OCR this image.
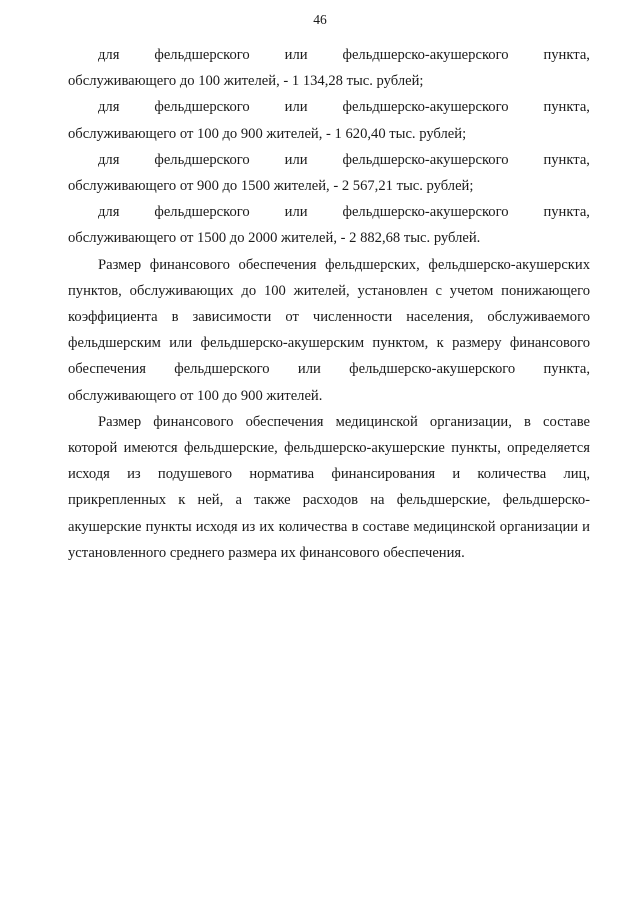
46
для фельдшерского или фельдшерско-акушерского пункта,

обслуживающего до 100 жителей, - 1 134,28 тыс. рублей;

для фельдшерского или фельдшерско-акушерского пункта,

обслуживающего от 100 до 900 жителей, - 1 620,40 тыс. рублей;

для фельдшерского или фельдшерско-акушерского пункта,

обслуживающего от 900 до 1500 жителей, - 2 567,21 тыс. рублей;

для фельдшерского или фельдшерско-акушерского пункта,

обслуживающего от 1500 до 2000 жителей, - 2 882,68 тыс. рублей.

Размер финансового обеспечения фельдшерских, фельдшерско-акушерских пунктов, обслуживающих до 100 жителей, установлен с учетом понижающего коэффициента в зависимости от численности населения, обслуживаемого фельдшерским или фельдшерско-акушерским пунктом, к размеру финансового обеспечения фельдшерского или фельдшерско-акушерского пункта, обслуживающего от 100 до 900 жителей.

Размер финансового обеспечения медицинской организации, в составе которой имеются фельдшерские, фельдшерско-акушерские пункты, определяется исходя из подушевого норматива финансирования и количества лиц, прикрепленных к ней, а также расходов на фельдшерские, фельдшерско-акушерские пункты исходя из их количества в составе медицинской организации и установленного среднего размера их финансового обеспечения.
